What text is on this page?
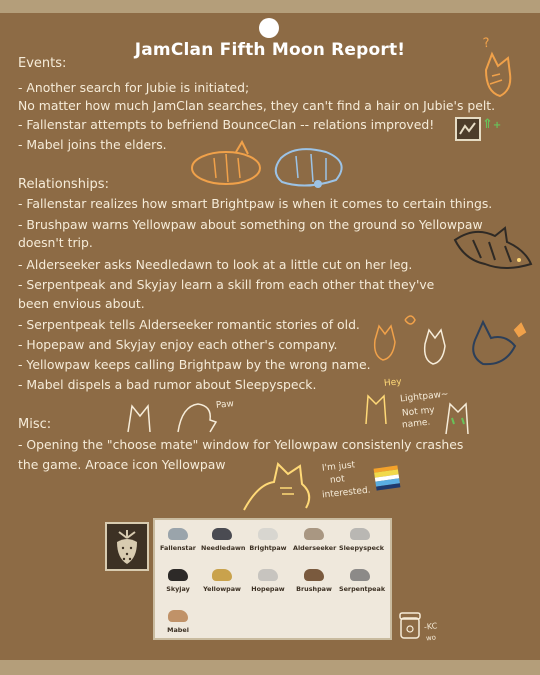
JamClan Fifth Moon Report!
Events:
- Another search for Jubie is initiated;
No matter how much JamClan searches, they can't find a hair on Jubie's pelt.
- Fallenstar attempts to befriend BounceClan -- relations improved!
- Mabel joins the elders.
⇑+
Relationships:
- Fallenstar realizes how smart Brightpaw is when it comes to certain things.
- Brushpaw warns Yellowpaw about something on the ground so Yellowpaw
doesn't trip.
- Alderseeker asks Needledawn to look at a little cut on her leg.
- Serpentpeak and Skyjay learn a skill from each other that they've
been envious about.
- Serpentpeak tells Alderseeker romantic stories of old.
- Hopepaw and Skyjay enjoy each other's company.
- Yellowpaw keeps calling Brightpaw by the wrong name.
- Mabel dispels a bad rumor about Sleepyspeck.
Misc:
- Opening the "choose mate" window for Yellowpaw consistenly crashes
the game. Aroace icon Yellowpaw
?
Paw
Hey
Lightpaw~
Not my
name.
I'm just
not
interested.
Fallenstar Needledawn Brightpaw	Alderseeker Sleepyspeck
Skyjay	Yellowpaw	Hopepaw	Brushpaw	Serpentpeak
Mabel	-KC
wo
